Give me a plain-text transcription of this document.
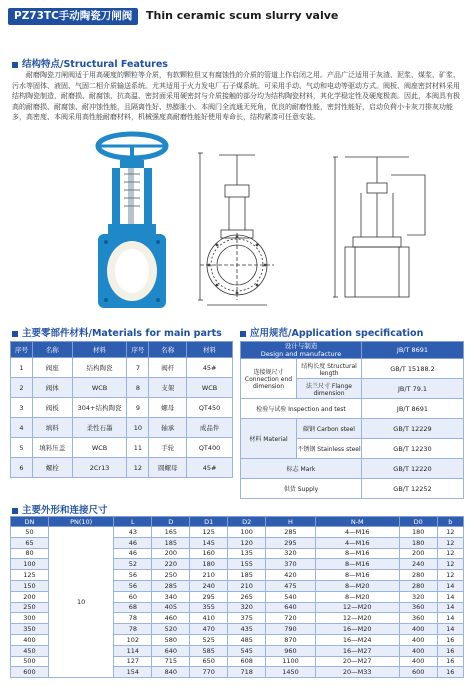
PZ73TC手动陶瓷刀闸阀	Thin ceramic scum slurry valve
结构特点/Structural Features
耐磨陶瓷刀闸阀适于用高硬度的颗粒等介质，有软颗粒但又有腐蚀性的介质的管道上作启闭之用。产品广泛适用于灰渣、泥浆、煤浆、矿浆、污水等固体、液固、气固二相介质输送系统。尤其适用于火力发电厂石子煤系统。可采用手动、气动和电动等驱动方式。阀板、阀座密封材料采用结构陶瓷制造，耐磨损、耐腐蚀、抗高温、密封面采用硬密封与介质接触的部分均为结构陶瓷材料，其化学稳定性及硬度极高。因此，本阀具有极高的耐磨损、耐腐蚀、耐冲蚀性能，且隔离性好、热膨胀小。本阀门全流通无死角，优良的耐磨性能，密封性能好，启动负荷小卡灰刀排灰功能多，高密度、本阀采用高性能耐磨材料，机械强度高耐磨性能好使用寿命长，结构紧凑可任意安装。
主要零部件材料/Materials for main parts
序号	名称	材料	序号	名称	材料
1	阀座	结构陶瓷	7	阀杆	45#
2	阀体	WCB	8	支架	WCB
3	阀板	304+结构陶瓷	9	螺母	QT450
4	填料	柔性石墨	10	轴承	成品件
5	填料压盖	WCB	11	手轮	QT400
6	螺栓	2Cr13	12	圆螺母	45#
应用规范/Application specification
设计与制造
Design and manufacture		JB/T 8691
连接规尺寸 Connection end dimension	结构长度 Structural length	GB/T 15188.2
	法兰尺寸 Flange dimension	JB/T 79.1
检验与试验 Inspection and test		JB/T 8691
材料 Material	碳钢 Carbon steel	GB/T 12229
	不锈钢 Stainless steel	GB/T 12230
标志 Mark		GB/T 12220
供货 Supply		GB/T 12252
主要外形和连接尺寸
DN	PN(10)	L	D	D1	D2	H	N-M	D0	b
50	10	43	165	125	100	285	4—M16	180	12
65		46	185	145	120	295	4—M16	180	12
80		46	200	160	135	320	8—M16	200	12
100		52	220	180	155	370	8—M16	240	12
125		56	250	210	185	420	8—M16	280	12
150		56	285	240	210	475	8—M20	280	14
200		60	340	295	265	540	8—M20	320	14
250		68	405	355	320	640	12—M20	360	14
300		78	460	410	375	720	12—M20	360	14
350		78	520	470	435	790	16—M20	400	14
400		102	580	525	485	870	16—M24	400	16
450		114	640	585	545	960	16—M27	400	16
500		127	715	650	608	1100	20—M27	400	16
600		154	840	770	718	1450	20—M33	600	16
